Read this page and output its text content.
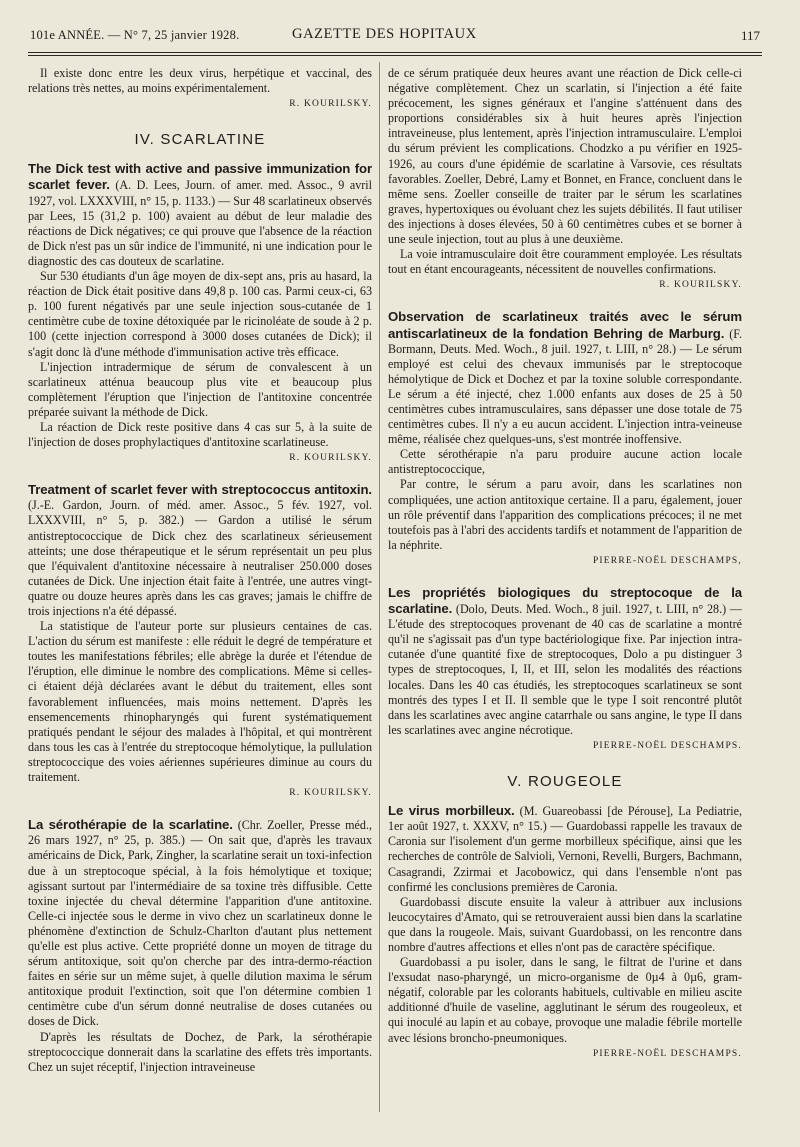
101e ANNÉE. — N° 7, 25 janvier 1928.	GAZETTE DES HOPITAUX	117

Il existe donc entre les deux virus, herpétique et vaccinal, des relations très nettes, au moins expérimentalement.

R. KOURILSKY.

IV. SCARLATINE

The Dick test with active and passive immunization for scarlet fever. (A. D. Lees, Journ. of amer. med. Assoc., 9 avril 1927, vol. LXXXVIII, n° 15, p. 1133.) — Sur 48 scarlatineux observés par Lees, 15 (31,2 p. 100) avaient au début de leur maladie des réactions de Dick négatives; ce qui prouve que l'absence de la réaction de Dick n'est pas un sûr indice de l'immunité, ni une indication pour le diagnostic des cas douteux de scarlatine.

Sur 530 étudiants d'un âge moyen de dix-sept ans, pris au hasard, la réaction de Dick était positive dans 49,8 p. 100 cas. Parmi ceux-ci, 63 p. 100 furent négativés par une seule injection sous-cutanée de 1 centimètre cube de toxine détoxiquée par le ricinoléate de soude à 2 p. 100 (cette injection correspond à 3000 doses cutanées de Dick); il s'agit donc là d'une méthode d'immunisation active très efficace.

L'injection intradermique de sérum de convalescent à un scarlatineux atténua beaucoup plus vite et beaucoup plus complètement l'éruption que l'injection de l'antitoxine concentrée préparée suivant la méthode de Dick.

La réaction de Dick reste positive dans 4 cas sur 5, à la suite de l'injection de doses prophylactiques d'antitoxine scarlatineuse.

R. KOURILSKY.

Treatment of scarlet fever with streptococcus antitoxin. (J.-E. Gardon, Journ. of méd. amer. Assoc., 5 fév. 1927, vol. LXXXVIII, n° 5, p. 382.) — Gardon a utilisé le sérum antistreptococcique de Dick chez des scarlatineux sérieusement atteints; une dose thérapeutique et le sérum représentait un peu plus que l'équivalent d'antitoxine nécessaire à neutraliser 250.000 doses cutanées de Dick. Une injection était faite à l'entrée, une autres vingt-quatre ou douze heures après dans les cas graves; jamais le chiffre de trois injections n'a été dépassé.

La statistique de l'auteur porte sur plusieurs centaines de cas. L'action du sérum est manifeste : elle réduit le degré de température et toutes les manifestations fébriles; elle abrège la durée et l'étendue de l'éruption, elle diminue le nombre des complications. Même si celles-ci étaient déjà déclarées avant le début du traitement, elles sont favorablement influencées, mais moins nettement. D'après les ensemencements rhinopharyngés qui furent systématiquement pratiqués pendant le séjour des malades à l'hôpital, et qui montrèrent dans tous les cas à l'entrée du streptocoque hémolytique, la pullulation streptococcique des voies aériennes supérieures diminue au cours du traitement.

R. KOURILSKY.

La sérothérapie de la scarlatine. (Chr. Zoeller, Presse méd., 26 mars 1927, n° 25, p. 385.) — On sait que, d'après les travaux américains de Dick, Park, Zingher, la scarlatine serait un toxi-infection due à un streptocoque spécial, à la fois hémolytique et toxique; agissant surtout par l'intermédiaire de sa toxine très diffusible. Cette toxine injectée du cheval détermine l'apparition d'une antitoxine. Celle-ci injectée sous le derme in vivo chez un scarlatineux donne le phénomène d'extinction de Schulz-Charlton d'autant plus nettement qu'elle est plus active. Cette propriété donne un moyen de titrage du sérum antitoxique, soit qu'on cherche par des intra-dermo-réaction faites en série sur un même sujet, à quelle dilution maxima le sérum antitoxique produit l'extinction, soit que l'on détermine combien 1 centimètre cube d'un sérum donné neutralise de doses cutanées ou doses de Dick.

D'après les résultats de Dochez, de Park, la sérothérapie streptococcique donnerait dans la scarlatine des effets très importants. Chez un sujet réceptif, l'injection intraveineuse

de ce sérum pratiquée deux heures avant une réaction de Dick celle-ci négative complètement. Chez un scarlatin, si l'injection a été faite précocement, les signes généraux et l'angine s'atténuent dans des proportions considérables six à huit heures après l'injection intraveineuse, plus lentement, après l'injection intramusculaire. L'emploi du sérum prévient les complications. Chodzko a pu vérifier en 1925-1926, au cours d'une épidémie de scarlatine à Varsovie, ces résultats favorables. Zoeller, Debré, Lamy et Bonnet, en France, concluent dans le même sens. Zoeller conseille de traiter par le sérum les scarlatines graves, hypertoxiques ou évoluant chez les sujets débilités. Il faut utiliser des injections à doses élevées, 50 à 60 centimètres cubes et se borner à une seule injection, tout au plus à une deuxième.

La voie intramusculaire doit être couramment employée. Les résultats tout en étant encourageants, nécessitent de nouvelles confirmations.

R. KOURILSKY.

Observation de scarlatineux traités avec le sérum antiscarlatineux de la fondation Behring de Marburg. (F. Bormann, Deuts. Med. Woch., 8 juil. 1927, t. LIII, n° 28.) — Le sérum employé est celui des chevaux immunisés par le streptocoque hémolytique de Dick et Dochez et par la toxine soluble correspondante. Le sérum a été injecté, chez 1.000 enfants aux doses de 25 à 50 centimètres cubes intramusculaires, sans dépasser une dose totale de 75 centimètres cubes. Il n'y a eu aucun accident. L'injection intra-veineuse même, réalisée chez quelques-uns, s'est montrée inoffensive.

Cette sérothérapie n'a paru produire aucune action locale antistreptococcique,

Par contre, le sérum a paru avoir, dans les scarlatines non compliquées, une action antitoxique certaine. Il a paru, également, jouer un rôle préventif dans l'apparition des complications précoces; il ne met toutefois pas à l'abri des accidents tardifs et notamment de l'apparition de la néphrite.

PIERRE-NOËL DESCHAMPS,

Les propriétés biologiques du streptocoque de la scarlatine. (Dolo, Deuts. Med. Woch., 8 juil. 1927, t. LIII, n° 28.) — L'étude des streptocoques provenant de 40 cas de scarlatine a montré qu'il ne s'agissait pas d'un type bactériologique fixe. Par injection intra-cutanée d'une quantité fixe de streptocoques, Dolo a pu distinguer 3 types de streptocoques, I, II, et III, selon les modalités des réactions locales. Dans les 40 cas étudiés, les streptocoques scarlatineux se sont montrés des types I et II. Il semble que le type I soit rencontré plutôt dans les scarlatines avec angine catarrhale ou sans angine, le type II dans les scarlatines avec angine nécrotique.

PIERRE-NOËL DESCHAMPS.

V. ROUGEOLE

Le virus morbilleux. (M. Guareobassi [de Pérouse], La Pediatrie, 1er août 1927, t. XXXV, n° 15.) — Guardobassi rappelle les travaux de Caronia sur l'isolement d'un germe morbilleux spécifique, ainsi que les recherches de contrôle de Salvioli, Vernoni, Revelli, Burgers, Bachmann, Casagrandi, Zzirmai et Jacobowicz, qui dans l'ensemble n'ont pas confirmé les conclusions premières de Caronia.

Guardobassi discute ensuite la valeur à attribuer aux inclusions leucocytaires d'Amato, qui se retrouveraient aussi bien dans la scarlatine que dans la rougeole. Mais, suivant Guardobassi, on les rencontre dans nombre d'autres affections et elles n'ont pas de caractère spécifique.

Guardobassi a pu isoler, dans le sang, le filtrat de l'urine et dans l'exsudat naso-pharyngé, un micro-organisme de 0µ4 à 0µ6, gram-négatif, colorable par les colorants habituels, cultivable en milieu ascite additionné d'huile de vaseline, agglutinant le sérum des rougeoleux, et qui inoculé au lapin et au cobaye, provoque une maladie fébrile mortelle avec lésions broncho-pneumoniques.

PIERRE-NOËL DESCHAMPS.
